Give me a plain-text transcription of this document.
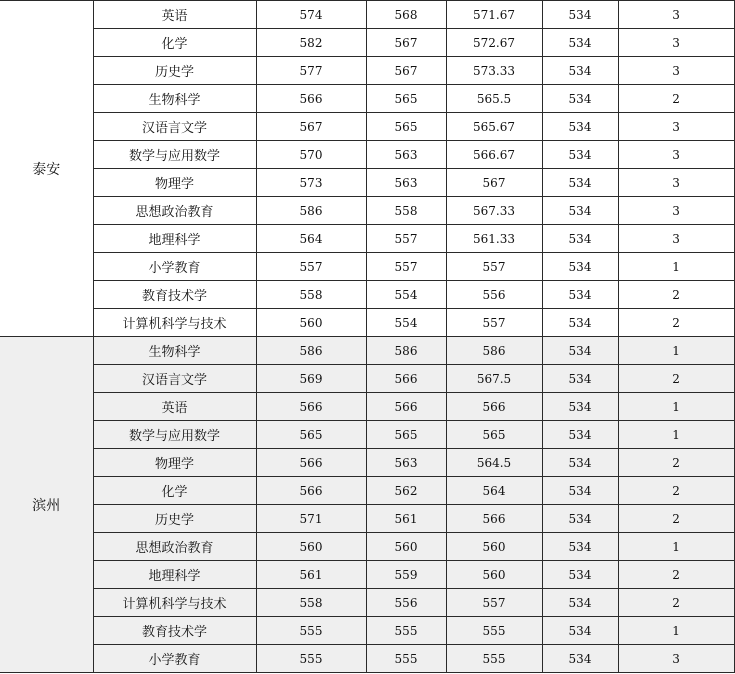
泰安	英语	574	568	571.67	534	3
	化学	582	567	572.67	534	3
	历史学	577	567	573.33	534	3
	生物科学	566	565	565.5	534	2
	汉语言文学	567	565	565.67	534	3
	数学与应用数学	570	563	566.67	534	3
	物理学	573	563	567	534	3
	思想政治教育	586	558	567.33	534	3
	地理科学	564	557	561.33	534	3
	小学教育	557	557	557	534	1
	教育技术学	558	554	556	534	2
	计算机科学与技术	560	554	557	534	2
滨州	生物科学	586	586	586	534	1
	汉语言文学	569	566	567.5	534	2
	英语	566	566	566	534	1
	数学与应用数学	565	565	565	534	1
	物理学	566	563	564.5	534	2
	化学	566	562	564	534	2
	历史学	571	561	566	534	2
	思想政治教育	560	560	560	534	1
	地理科学	561	559	560	534	2
	计算机科学与技术	558	556	557	534	2
	教育技术学	555	555	555	534	1
	小学教育	555	555	555	534	3
